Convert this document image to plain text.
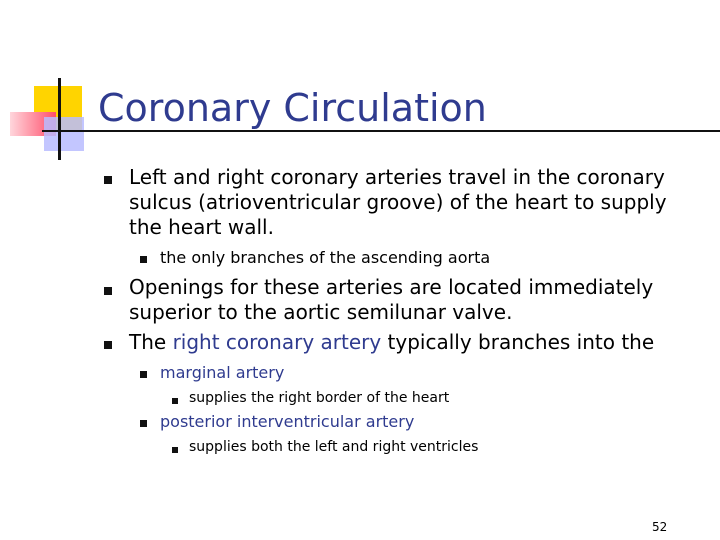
Coronary Circulation
Left and right coronary arteries travel in the coronary
sulcus (atrioventricular groove) of the heart to supply
the heart wall.
the only branches of the ascending aorta
Openings for these arteries are located immediately
superior to the aortic semilunar valve.
The right coronary artery typically branches into the
marginal artery
supplies the right border of the heart
posterior interventricular artery
supplies both the left and right ventricles
52
